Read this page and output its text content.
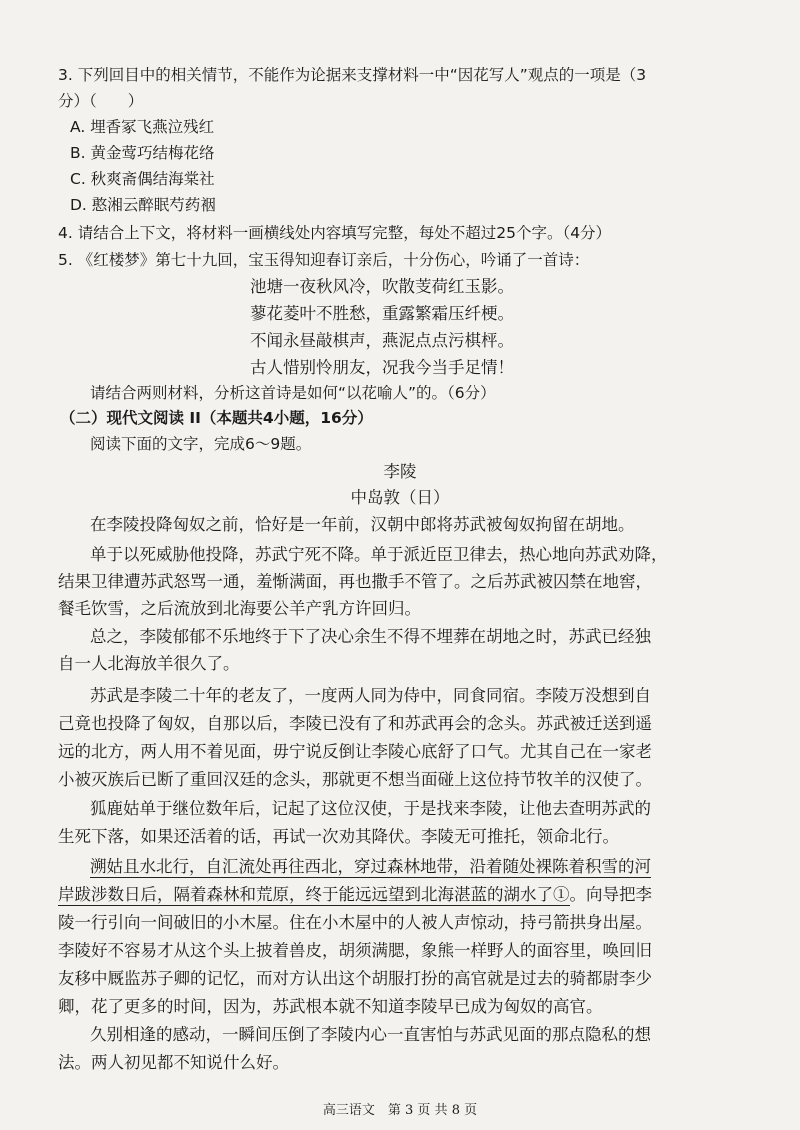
3. 下列回目中的相关情节，不能作为论据来支撑材料一中“因花写人”观点的一项是（3

分）（　　）

A. 埋香冢飞燕泣残红

B. 黄金莺巧结梅花络

C. 秋爽斋偶结海棠社

D. 憨湘云醉眠芍药裀

4. 请结合上下文，将材料一画横线处内容填写完整，每处不超过25个字。（4分）

5. 《红楼梦》第七十九回，宝玉得知迎春订亲后，十分伤心，吟诵了一首诗：

池塘一夜秋风冷，吹散芰荷红玉影。

蓼花菱叶不胜愁，重露繁霜压纤梗。

不闻永昼敲棋声，燕泥点点污棋枰。

古人惜别怜朋友，况我今当手足情！

请结合两则材料，分析这首诗是如何“以花喻人”的。（6分）

（二）现代文阅读 II（本题共4小题，16分）

阅读下面的文字，完成6～9题。

李陵

中岛敦（日）

在李陵投降匈奴之前，恰好是一年前，汉朝中郎将苏武被匈奴拘留在胡地。

单于以死威胁他投降，苏武宁死不降。单于派近臣卫律去，热心地向苏武劝降，

结果卫律遭苏武怒骂一通，羞惭满面，再也撒手不管了。之后苏武被囚禁在地窖，

餐毛饮雪，之后流放到北海要公羊产乳方许回归。

总之，李陵郁郁不乐地终于下了决心余生不得不埋葬在胡地之时，苏武已经独

自一人北海放羊很久了。

苏武是李陵二十年的老友了，一度两人同为侍中，同食同宿。李陵万没想到自

己竟也投降了匈奴，自那以后，李陵已没有了和苏武再会的念头。苏武被迁送到遥

远的北方，两人用不着见面，毋宁说反倒让李陵心底舒了口气。尤其自己在一家老

小被灭族后已断了重回汉廷的念头，那就更不想当面碰上这位持节牧羊的汉使了。

狐鹿姑单于继位数年后，记起了这位汉使，于是找来李陵，让他去查明苏武的

生死下落，如果还活着的话，再试一次劝其降伏。李陵无可推托，领命北行。

溯姑且水北行，自汇流处再往西北，穿过森林地带，沿着随处裸陈着积雪的河

岸跋涉数日后，隔着森林和荒原，终于能远远望到北海湛蓝的湖水了①。向导把李

陵一行引向一间破旧的小木屋。住在小木屋中的人被人声惊动，持弓箭拱身出屋。

李陵好不容易才从这个头上披着兽皮，胡须满腮，象熊一样野人的面容里，唤回旧

友移中厩监苏子卿的记忆，而对方认出这个胡服打扮的高官就是过去的骑都尉李少

卿，花了更多的时间，因为，苏武根本就不知道李陵早已成为匈奴的高官。

久别相逢的感动，一瞬间压倒了李陵内心一直害怕与苏武见面的那点隐私的想

法。两人初见都不知说什么好。

高三语文　第 3 页 共 8 页
